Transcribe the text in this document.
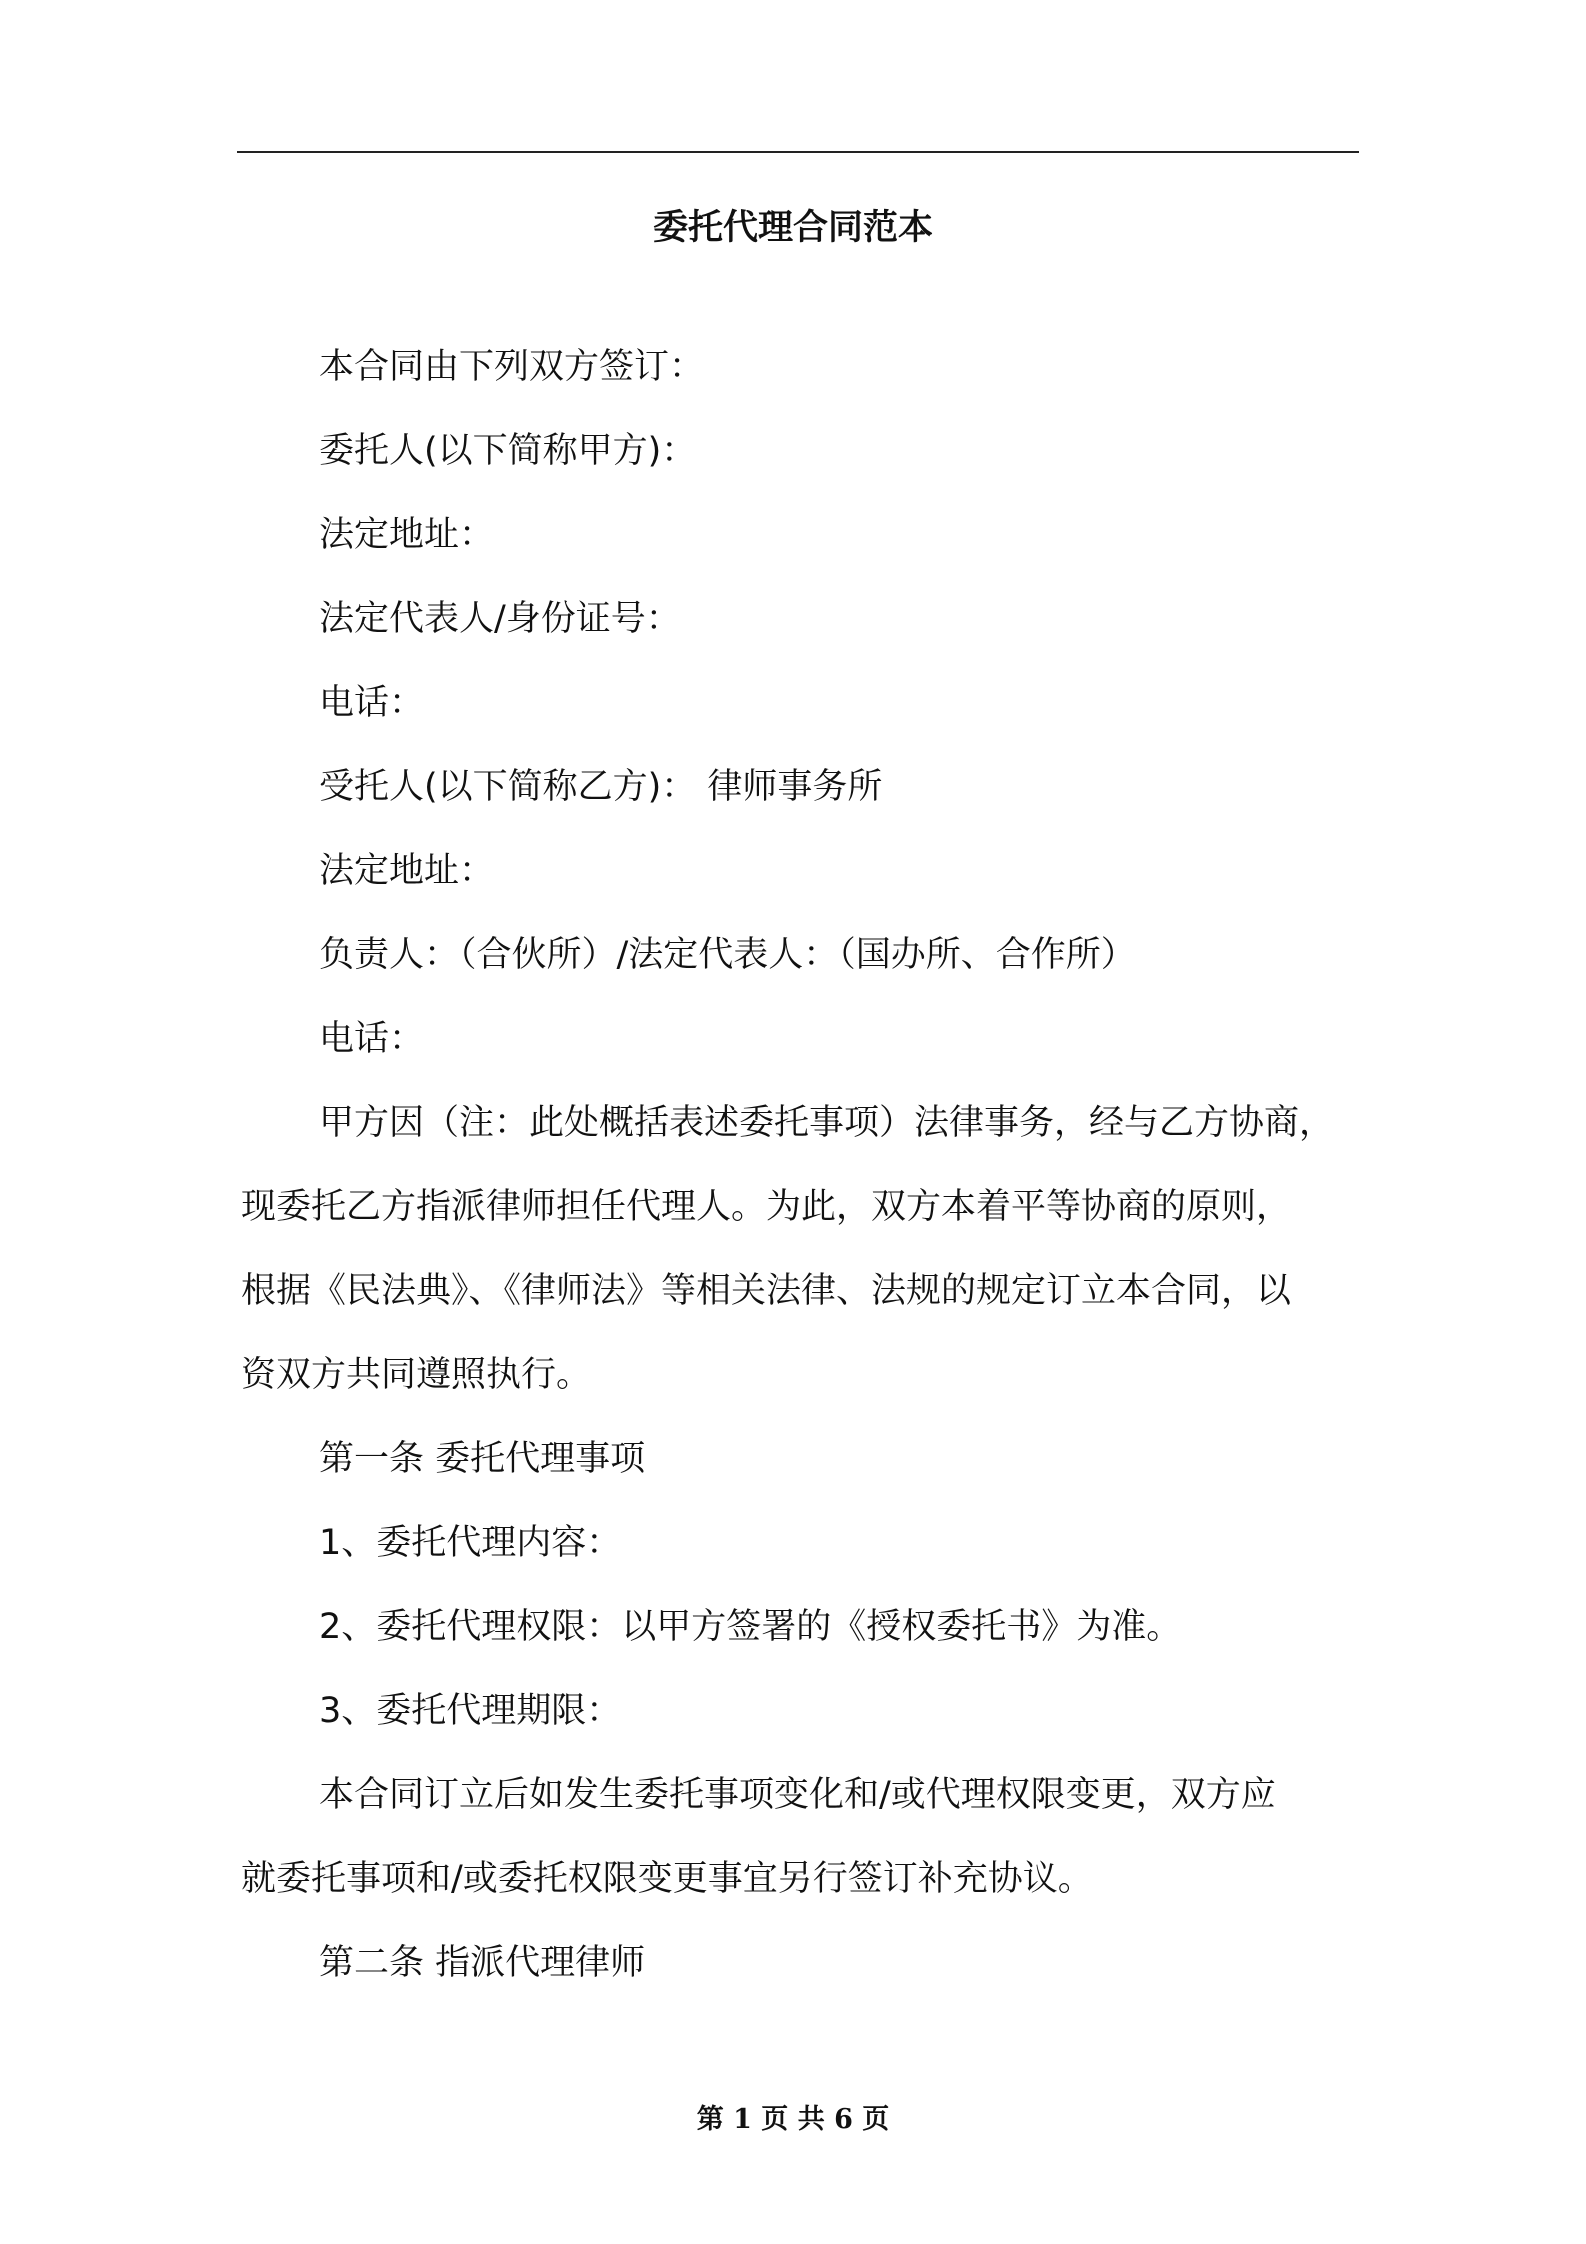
委托代理合同范本

本合同由下列双方签订：

委托人(以下简称甲方)：

法定地址：

法定代表人/身份证号：

电话：

受托人(以下简称乙方)： 律师事务所

法定地址：

负责人：（合伙所）/法定代表人：（国办所、合作所）

电话：

甲方因（注：此处概括表述委托事项）法律事务，经与乙方协商，

现委托乙方指派律师担任代理人。为此，双方本着平等协商的原则，

根据《民法典》、《律师法》等相关法律、法规的规定订立本合同，以

资双方共同遵照执行。

第一条 委托代理事项

1、委托代理内容：

2、委托代理权限：以甲方签署的《授权委托书》为准。

3、委托代理期限：

本合同订立后如发生委托事项变化和/或代理权限变更，双方应

就委托事项和/或委托权限变更事宜另行签订补充协议。

第二条 指派代理律师

第 1 页 共 6 页
